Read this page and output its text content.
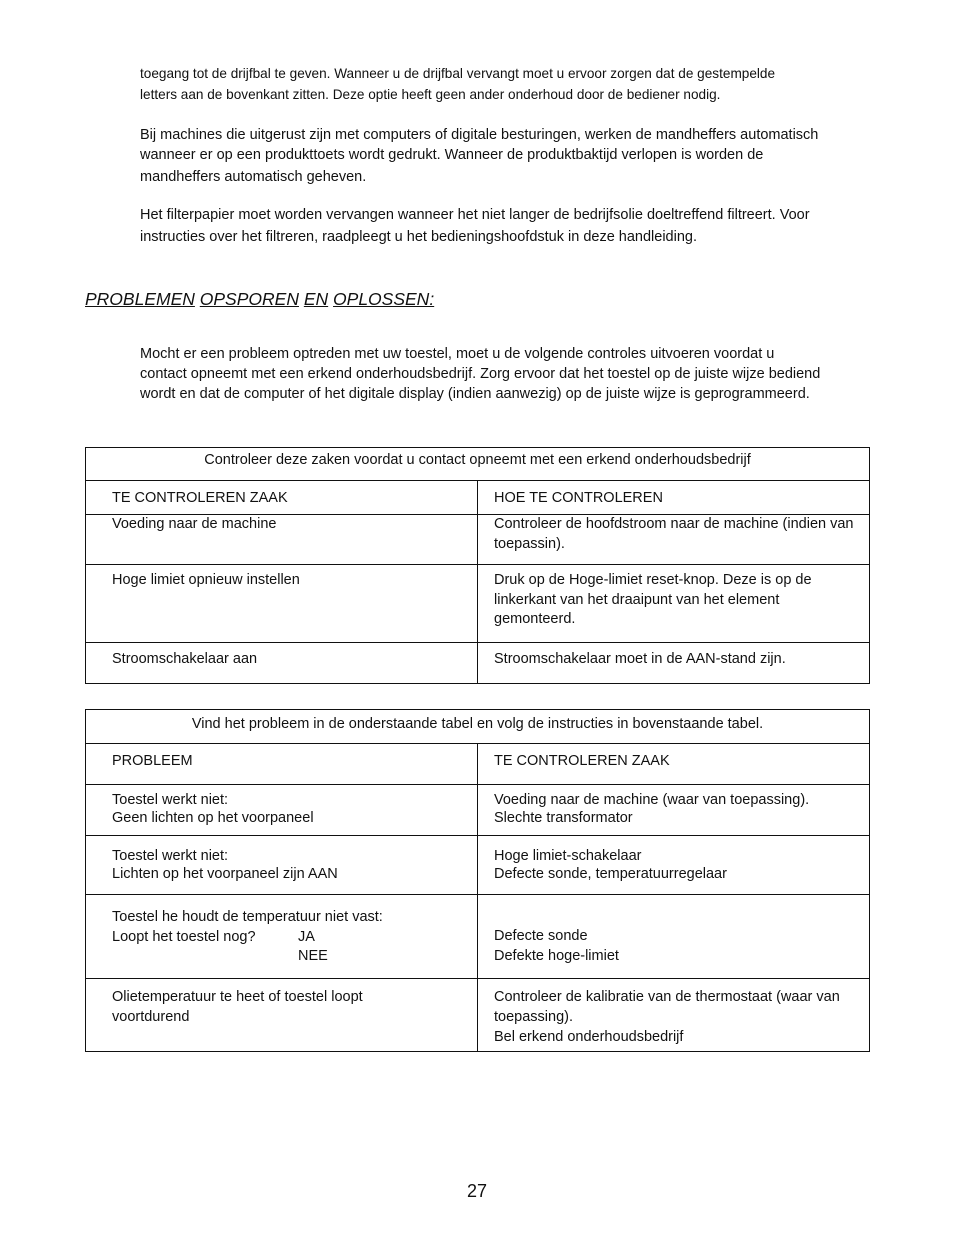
toegang tot de drijfbal te geven. Wanneer u de drijfbal vervangt moet u ervoor zorgen dat de gestempelde
letters aan de bovenkant zitten. Deze optie heeft geen ander onderhoud door de bediener nodig.
Bij machines die uitgerust zijn met computers of digitale besturingen, werken de mandheffers automatisch
wanneer er op een produkttoets wordt gedrukt. Wanneer de produktbaktijd verlopen is worden de
mandheffers automatisch geheven.
Het filterpapier moet worden vervangen wanneer het niet langer de bedrijfsolie doeltreffend filtreert. Voor
instructies over het filtreren, raadpleegt u het bedieningshoofdstuk in deze handleiding.
PROBLEMEN OPSPOREN EN OPLOSSEN:
Mocht er een probleem optreden met uw toestel, moet u de volgende controles uitvoeren voordat u
contact opneemt met een erkend onderhoudsbedrijf. Zorg ervoor dat het toestel op de juiste wijze bediend
wordt en dat de computer of het digitale display (indien aanwezig) op de juiste wijze is geprogrammeerd.
Controleer deze zaken voordat u contact opneemt met een erkend onderhoudsbedrijf	
TE CONTROLEREN ZAAK	HOE TE CONTROLEREN

Voeding naar de machine	Controleer de hoofdstroom naar de machine (indien van
toepassin).

Hoge limiet opnieuw instellen	Druk op de Hoge-limiet reset-knop. Deze is op de
linkerkant van het draaipunt van het element
gemonteerd.

Stroomschakelaar aan	Stroomschakelaar moet in de AAN-stand zijn.
Vind het probleem in de onderstaande tabel en volg de instructies in bovenstaande tabel.	
PROBLEEM	TE CONTROLEREN ZAAK

Toestel werkt niet:
Geen lichten op het voorpaneel	Voeding naar de machine (waar van toepassing).
Slechte transformator

Toestel werkt niet:
Lichten op het voorpaneel zijn AAN	Hoge limiet-schakelaar
Defecte sonde, temperatuurregelaar

Toestel he houdt de temperatuur niet vast:
Loopt het toestel nog? JA
NEE	Defecte sonde
Defekte hoge-limiet

Olietemperatuur te heet of toestel loopt
voortdurend	Controleer de kalibratie van de thermostaat (waar van
toepassing).
Bel erkend onderhoudsbedrijf
27
